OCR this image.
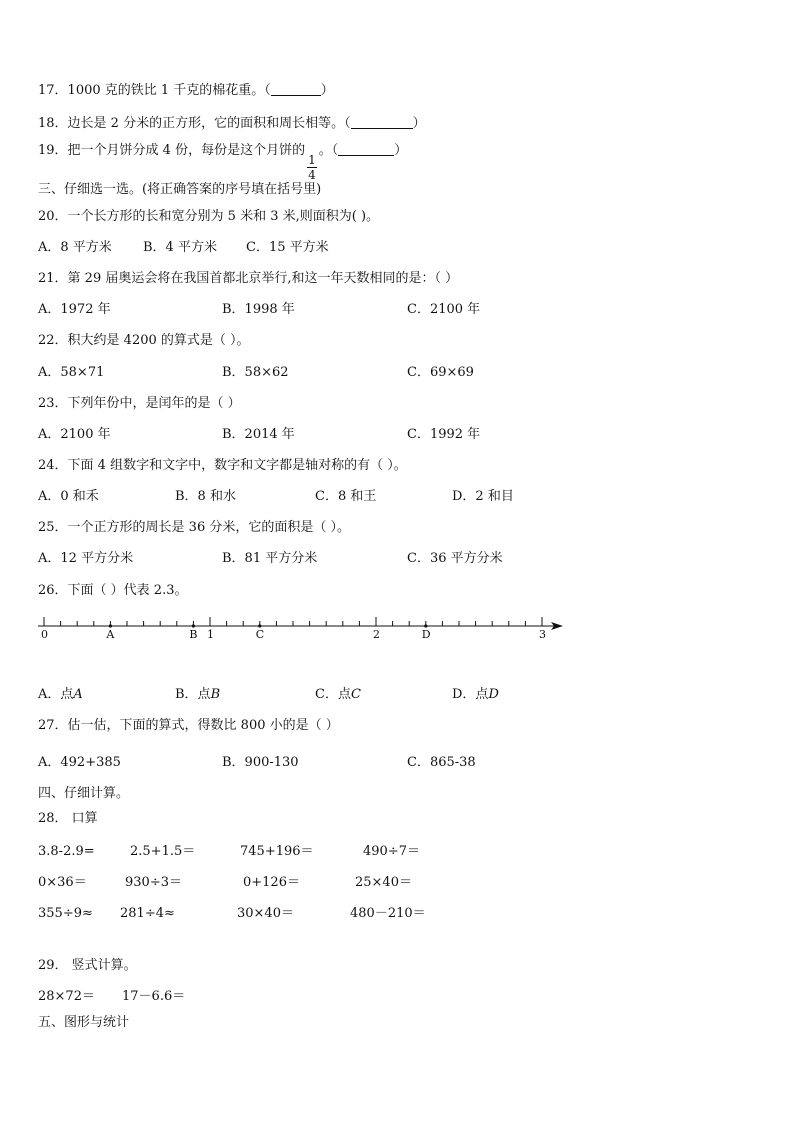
17．1000 克的铁比 1 千克的棉花重。（	）
18．边长是 2 分米的正方形，它的面积和周长相等。（	）
19．把一个月饼分成 4 份，每份是这个月饼的
$\frac{1}{4}$
。（	）
三、仔细选一选。(将正确答案的序号填在括号里)
20．一个长方形的长和宽分别为 5 米和 3 米,则面积为( )。
A．8 平方米 B．4 平方米 C．15 平方米
21．第 29 届奥运会将在我国首都北京举行,和这一年天数相同的是：（ ）
A．1972 年	B．1998 年	C．2100 年
22．积大约是 4200 的算式是（ ）。
A．58×71	B．58×62	C．69×69
23．下列年份中，是闰年的是（ ）
A．2100 年	B．2014 年	C．1992 年
24．下面 4 组数字和文字中，数字和文字都是轴对称的有（ ）。
A．0 和禾	B．8 和水	C．8 和王	D．2 和目
25．一个正方形的周长是 36 分米，它的面积是（ ）。
A．12 平方分米	B．81 平方分米	C．36 平方分米
26．下面（ ）代表 2.3。
0	1	2	3
A	B	C	D
A．点A	B．点B	C．点C	D．点D
27．估一估，下面的算式，得数比 800 小的是（ ）
A．492+385	B．900-130	C．865-38
四、仔细计算。
28． 口算
3.8-2.9=	2.5+1.5＝	745+196＝	490÷7＝
0×36＝	930÷3＝	0+126＝	25×40＝
355÷9≈ 281÷4≈	30×40＝	480－210＝
29． 竖式计算。
28×72＝ 17－6.6＝
五、图形与统计
